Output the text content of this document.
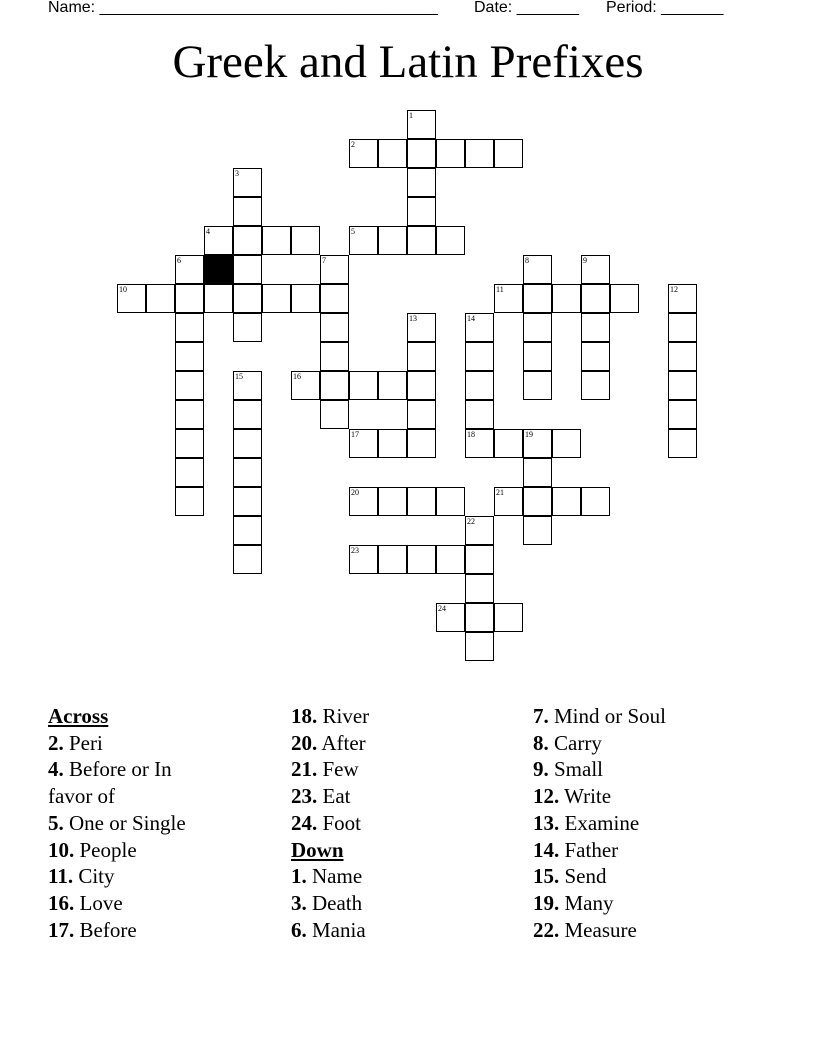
Name: ______________________________________ Date: _______ Period: _______
Greek and Latin Prefixes
1
2
3
4	5
6	7	8	9
10	11	12
13	14
18
15	16
17	19
20	21
22
23
24
Across
2. Peri
4. Before or In favor of
5. One or Single
10. People
11. City
16. Love
17. Before
18. River
20. After
21. Few
23. Eat
24. Foot
Down
1. Name
3. Death
6. Mania
7. Mind or Soul
8. Carry
9. Small
12. Write
13. Examine
14. Father
15. Send
19. Many
22. Measure
